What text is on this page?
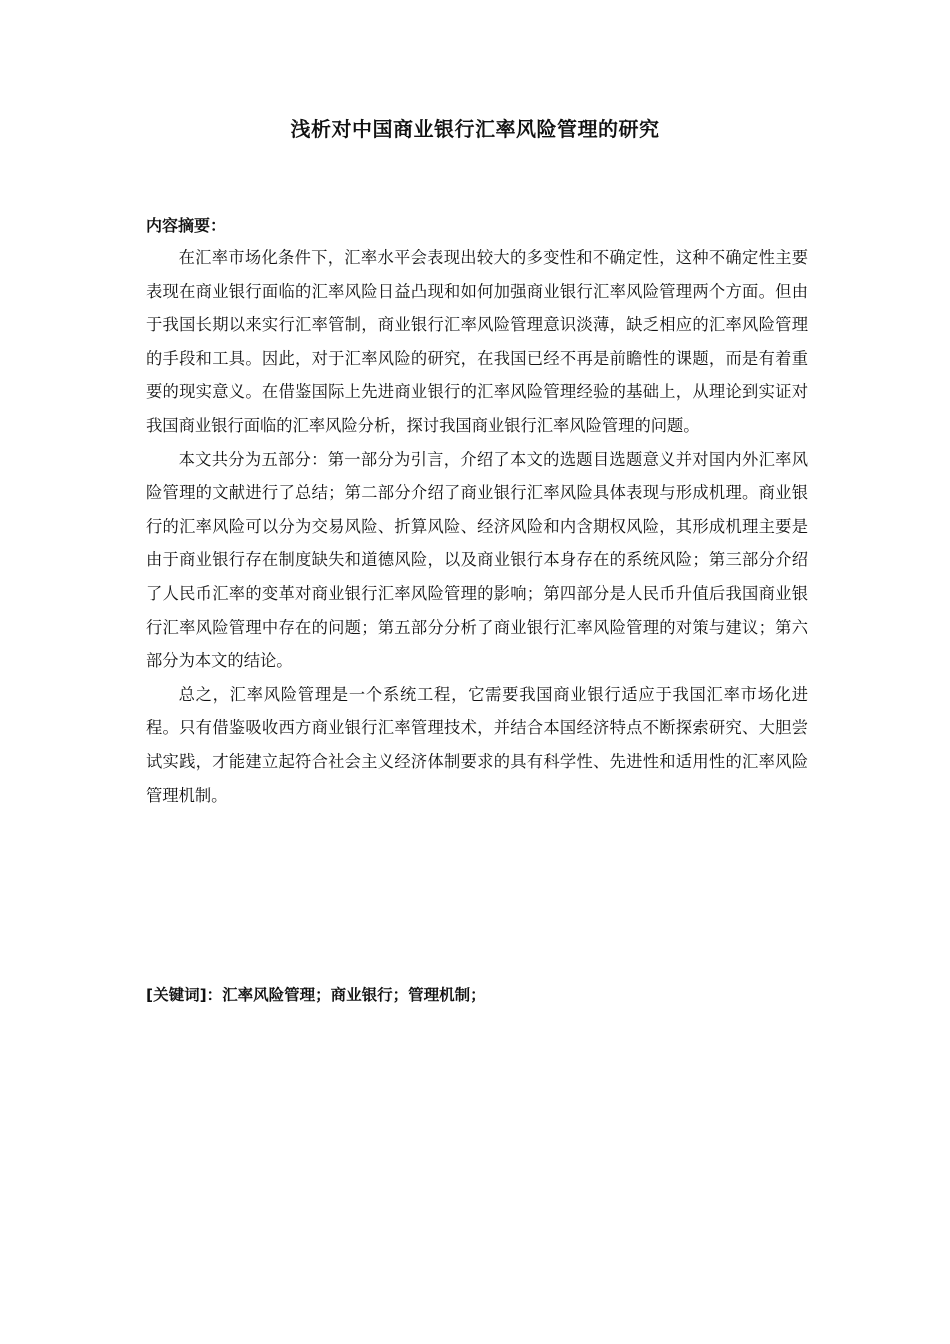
浅析对中国商业银行汇率风险管理的研究
内容摘要：

在汇率市场化条件下，汇率水平会表现出较大的多变性和不确定性，这种不确定性主要表现在商业银行面临的汇率风险日益凸现和如何加强商业银行汇率风险管理两个方面。但由于我国长期以来实行汇率管制，商业银行汇率风险管理意识淡薄，缺乏相应的汇率风险管理的手段和工具。因此，对于汇率风险的研究，在我国已经不再是前瞻性的课题，而是有着重要的现实意义。在借鉴国际上先进商业银行的汇率风险管理经验的基础上，从理论到实证对我国商业银行面临的汇率风险分析，探讨我国商业银行汇率风险管理的问题。

本文共分为五部分：第一部分为引言，介绍了本文的选题目选题意义并对国内外汇率风险管理的文献进行了总结；第二部分介绍了商业银行汇率风险具体表现与形成机理。商业银行的汇率风险可以分为交易风险、折算风险、经济风险和内含期权风险，其形成机理主要是由于商业银行存在制度缺失和道德风险，以及商业银行本身存在的系统风险；第三部分介绍了人民币汇率的变革对商业银行汇率风险管理的影响；第四部分是人民币升值后我国商业银行汇率风险管理中存在的问题；第五部分分析了商业银行汇率风险管理的对策与建议；第六部分为本文的结论。

总之，汇率风险管理是一个系统工程，它需要我国商业银行适应于我国汇率市场化进程。只有借鉴吸收西方商业银行汇率管理技术，并结合本国经济特点不断探索研究、大胆尝试实践，才能建立起符合社会主义经济体制要求的具有科学性、先进性和适用性的汇率风险管理机制。

[关键词]：汇率风险管理；商业银行；管理机制；
